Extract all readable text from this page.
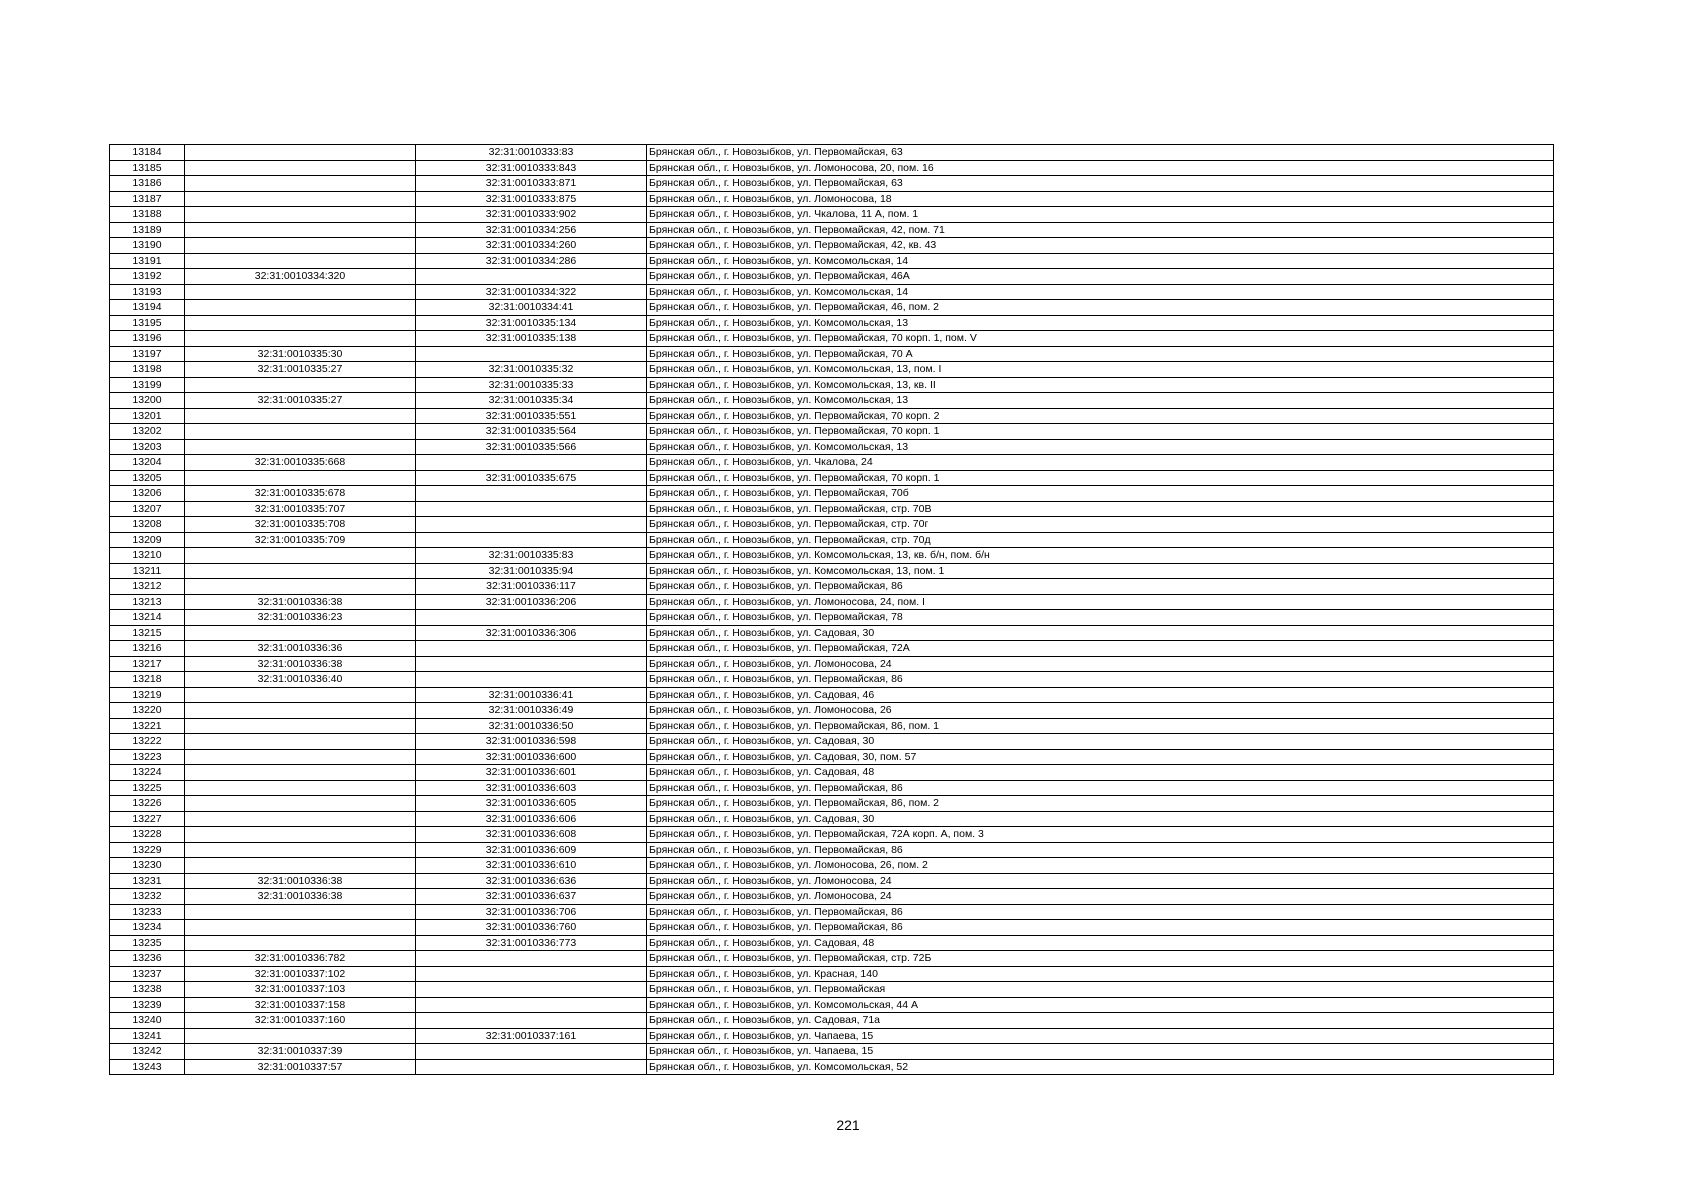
13184		32:31:0010333:83	Брянская обл., г. Новозыбков, ул. Первомайская, 63
13185		32:31:0010333:843	Брянская обл., г. Новозыбков, ул. Ломоносова, 20, пом. 16
13186		32:31:0010333:871	Брянская обл., г. Новозыбков, ул. Первомайская, 63
13187		32:31:0010333:875	Брянская обл., г. Новозыбков, ул. Ломоносова, 18
13188		32:31:0010333:902	Брянская обл., г. Новозыбков, ул. Чкалова, 11 А, пом. 1
13189		32:31:0010334:256	Брянская обл., г. Новозыбков, ул. Первомайская, 42, пом. 71
13190		32:31:0010334:260	Брянская обл., г. Новозыбков, ул. Первомайская, 42, кв. 43
13191		32:31:0010334:286	Брянская обл., г. Новозыбков, ул. Комсомольская, 14
13192	32:31:0010334:320		Брянская обл., г. Новозыбков, ул. Первомайская, 46А
13193		32:31:0010334:322	Брянская обл., г. Новозыбков, ул. Комсомольская, 14
13194		32:31:0010334:41	Брянская обл., г. Новозыбков, ул. Первомайская, 46, пом. 2
13195		32:31:0010335:134	Брянская обл., г. Новозыбков, ул. Комсомольская, 13
13196		32:31:0010335:138	Брянская обл., г. Новозыбков, ул. Первомайская, 70 корп. 1, пом. V
13197	32:31:0010335:30		Брянская обл., г. Новозыбков, ул. Первомайская, 70 А
13198	32:31:0010335:27	32:31:0010335:32	Брянская обл., г. Новозыбков, ул. Комсомольская, 13, пом. I
13199		32:31:0010335:33	Брянская обл., г. Новозыбков, ул. Комсомольская, 13, кв. II
13200	32:31:0010335:27	32:31:0010335:34	Брянская обл., г. Новозыбков, ул. Комсомольская, 13
13201		32:31:0010335:551	Брянская обл., г. Новозыбков, ул. Первомайская, 70 корп. 2
13202		32:31:0010335:564	Брянская обл., г. Новозыбков, ул. Первомайская, 70 корп. 1
13203		32:31:0010335:566	Брянская обл., г. Новозыбков, ул. Комсомольская, 13
13204	32:31:0010335:668		Брянская обл., г. Новозыбков, ул. Чкалова, 24
13205		32:31:0010335:675	Брянская обл., г. Новозыбков, ул. Первомайская, 70 корп. 1
13206	32:31:0010335:678		Брянская обл., г. Новозыбков, ул. Первомайская, 70б
13207	32:31:0010335:707		Брянская обл., г. Новозыбков, ул. Первомайская, стр. 70В
13208	32:31:0010335:708		Брянская обл., г. Новозыбков, ул. Первомайская, стр. 70г
13209	32:31:0010335:709		Брянская обл., г. Новозыбков, ул. Первомайская, стр. 70д
13210		32:31:0010335:83	Брянская обл., г. Новозыбков, ул. Комсомольская, 13, кв. б/н, пом. б/н
13211		32:31:0010335:94	Брянская обл., г. Новозыбков, ул. Комсомольская, 13, пом. 1
13212		32:31:0010336:117	Брянская обл., г. Новозыбков, ул. Первомайская, 86
13213	32:31:0010336:38	32:31:0010336:206	Брянская обл., г. Новозыбков, ул. Ломоносова, 24, пом. I
13214	32:31:0010336:23		Брянская обл., г. Новозыбков, ул. Первомайская, 78
13215		32:31:0010336:306	Брянская обл., г. Новозыбков, ул. Садовая, 30
13216	32:31:0010336:36		Брянская обл., г. Новозыбков, ул. Первомайская, 72А
13217	32:31:0010336:38		Брянская обл., г. Новозыбков, ул. Ломоносова, 24
13218	32:31:0010336:40		Брянская обл., г. Новозыбков, ул. Первомайская, 86
13219		32:31:0010336:41	Брянская обл., г. Новозыбков, ул. Садовая, 46
13220		32:31:0010336:49	Брянская обл., г. Новозыбков, ул. Ломоносова, 26
13221		32:31:0010336:50	Брянская обл., г. Новозыбков, ул. Первомайская, 86, пом. 1
13222		32:31:0010336:598	Брянская обл., г. Новозыбков, ул. Садовая, 30
13223		32:31:0010336:600	Брянская обл., г. Новозыбков, ул. Садовая, 30, пом. 57
13224		32:31:0010336:601	Брянская обл., г. Новозыбков, ул. Садовая, 48
13225		32:31:0010336:603	Брянская обл., г. Новозыбков, ул. Первомайская, 86
13226		32:31:0010336:605	Брянская обл., г. Новозыбков, ул. Первомайская, 86, пом. 2
13227		32:31:0010336:606	Брянская обл., г. Новозыбков, ул. Садовая, 30
13228		32:31:0010336:608	Брянская обл., г. Новозыбков, ул. Первомайская, 72А корп. А, пом. 3
13229		32:31:0010336:609	Брянская обл., г. Новозыбков, ул. Первомайская, 86
13230		32:31:0010336:610	Брянская обл., г. Новозыбков, ул. Ломоносова, 26, пом. 2
13231	32:31:0010336:38	32:31:0010336:636	Брянская обл., г. Новозыбков, ул. Ломоносова, 24
13232	32:31:0010336:38	32:31:0010336:637	Брянская обл., г. Новозыбков, ул. Ломоносова, 24
13233		32:31:0010336:706	Брянская обл., г. Новозыбков, ул. Первомайская, 86
13234		32:31:0010336:760	Брянская обл., г. Новозыбков, ул. Первомайская, 86
13235		32:31:0010336:773	Брянская обл., г. Новозыбков, ул. Садовая, 48
13236	32:31:0010336:782		Брянская обл., г. Новозыбков, ул. Первомайская, стр. 72Б
13237	32:31:0010337:102		Брянская обл., г. Новозыбков, ул. Красная, 140
13238	32:31:0010337:103		Брянская обл., г. Новозыбков, ул. Первомайская
13239	32:31:0010337:158		Брянская обл., г. Новозыбков, ул. Комсомольская, 44 А
13240	32:31:0010337:160		Брянская обл., г. Новозыбков, ул. Садовая, 71а
13241		32:31:0010337:161	Брянская обл., г. Новозыбков, ул. Чапаева, 15
13242	32:31:0010337:39		Брянская обл., г. Новозыбков, ул. Чапаева, 15
13243	32:31:0010337:57		Брянская обл., г. Новозыбков, ул. Комсомольская, 52
221
